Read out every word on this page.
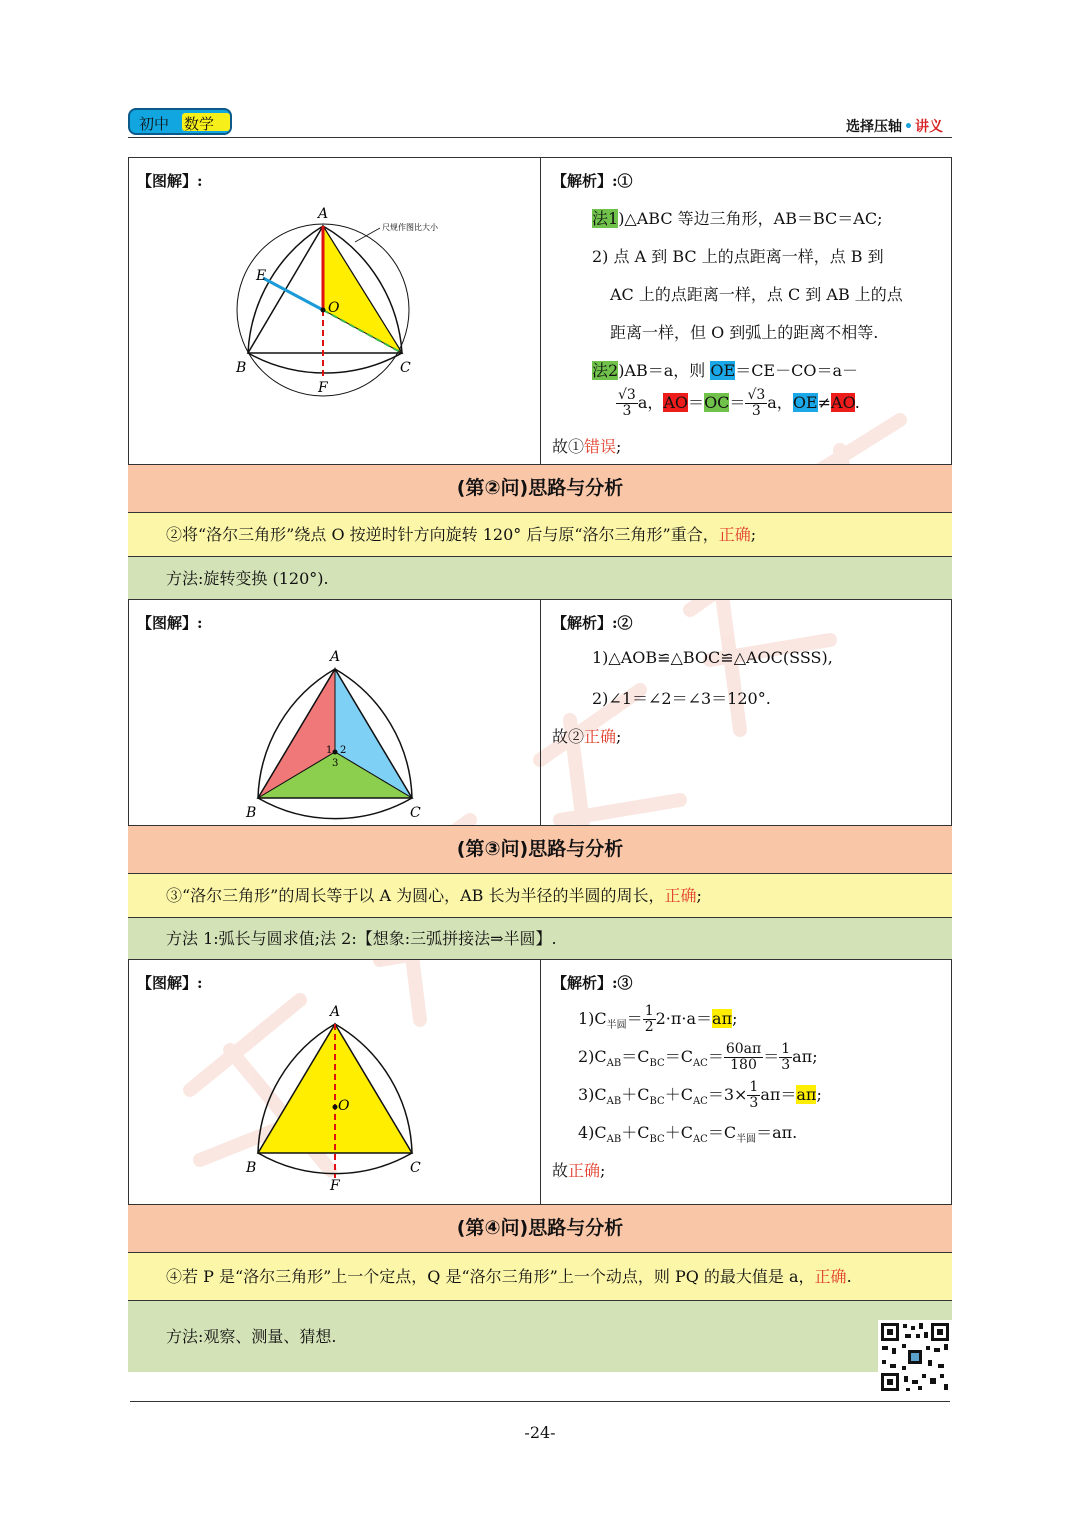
初中 数学	选择压轴 • 讲义
【图解】:	【解析】:①
A
E
O
B	C
F
尺规作图比大小	法1)△ABC 等边三角形，AB＝BC＝AC;
2) 点 A 到 BC 上的点距离一样，点 B 到
AC 上的点距离一样，点 C 到 AB 上的点
距离一样，但 O 到弧上的距离不相等.
法2)AB＝a，则 OE＝CE－CO＝a－
$\frac{√3}{3}$ a，$AO=OC= \frac{√3}{3}$ a，OE≠AO.
故①错误;
(第②问)思路与分析
②将“洛尔三角形”绕点 O 按逆时针方向旋转 120° 后与原“洛尔三角形”重合，正确;
方法:旋转变换 (120°).
【图解】:	【解析】:②
A
B	C
1 2
3
1)△AOB≌△BOC≌△AOC(SSS),
2)∠1＝∠2＝∠3＝120°.
故②正确;
(第③问)思路与分析
③“洛尔三角形”的周长等于以 A 为圆心，AB 长为半径的半圆的周长，正确;
方法 1:弧长与圆求值;法 2:【想象:三弧拼接法⇒半圆】.
【图解】:	【解析】:③
A
O
B	C
F
$1)C_{半圆}= \frac{1}{2} 2\cdot\pi\cdot a=a\pi$;
$2)C_{AB}=C_{BC}=C_{AC}= \frac{60a\pi}{180} = \frac{1}{3} a\pi$;
$3)C_{AB}+C_{BC}+C_{AC}=3\times \frac{1}{3} a\pi=a\pi$;
$4)C_{AB}+C_{BC}+C_{AC}=C_{半圆}=a\pi$.
故正确;
(第④问)思路与分析
④若 P 是“洛尔三角形”上一个定点，Q 是“洛尔三角形”上一个动点，则 PQ 的最大值是 a，正确.
方法:观察、测量、猜想.
-24-
